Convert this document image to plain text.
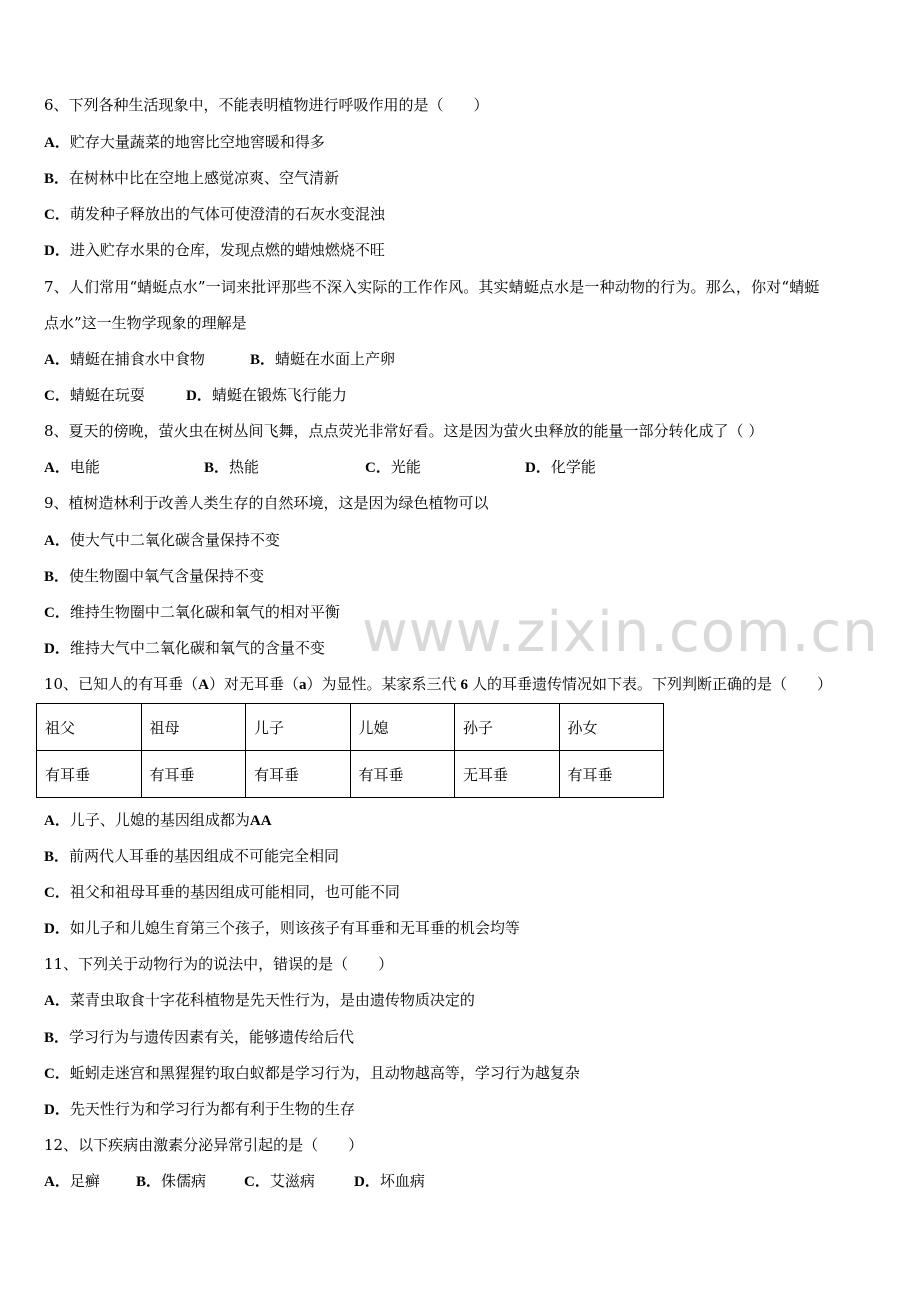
www.zixin.com.cn
6、下列各种生活现象中，不能表明植物进行呼吸作用的是（　　）
A．贮存大量蔬菜的地窖比空地窖暖和得多
B．在树林中比在空地上感觉凉爽、空气清新
C．萌发种子释放出的气体可使澄清的石灰水变混浊
D．进入贮存水果的仓库，发现点燃的蜡烛燃烧不旺
7、人们常用“蜻蜓点水”一词来批评那些不深入实际的工作作风。其实蜻蜓点水是一种动物的行为。那么，你对“蜻蜓
点水”这一生物学现象的理解是
A．蜻蜓在捕食水中食物	B．蜻蜓在水面上产卵
C．蜻蜓在玩耍	D．蜻蜓在锻炼飞行能力
8、夏天的傍晚，萤火虫在树丛间飞舞，点点荧光非常好看。这是因为萤火虫释放的能量一部分转化成了（ ）
A．电能	B．热能	C．光能	D．化学能
9、植树造林利于改善人类生存的自然环境，这是因为绿色植物可以
A．使大气中二氧化碳含量保持不变
B．使生物圈中氧气含量保持不变
C．维持生物圈中二氧化碳和氧气的相对平衡
D．维持大气中二氧化碳和氧气的含量不变
10、已知人的有耳垂（A）对无耳垂（a）为显性。某家系三代 6 人的耳垂遗传情况如下表。下列判断正确的是（　　）
祖父	祖母	儿子	儿媳	孙子	孙女
有耳垂	有耳垂	有耳垂	有耳垂	无耳垂	有耳垂
A．儿子、儿媳的基因组成都为AA
B．前两代人耳垂的基因组成不可能完全相同
C．祖父和祖母耳垂的基因组成可能相同，也可能不同
D．如儿子和儿媳生育第三个孩子，则该孩子有耳垂和无耳垂的机会均等
11、下列关于动物行为的说法中，错误的是（　　）
A．菜青虫取食十字花科植物是先天性行为，是由遗传物质决定的
B．学习行为与遗传因素有关，能够遗传给后代
C．蚯蚓走迷宫和黑猩猩钓取白蚁都是学习行为，且动物越高等，学习行为越复杂
D．先天性行为和学习行为都有利于生物的生存
12、以下疾病由激素分泌异常引起的是（　　）
A．足癣 B．侏儒病	C．艾滋病	D．坏血病
